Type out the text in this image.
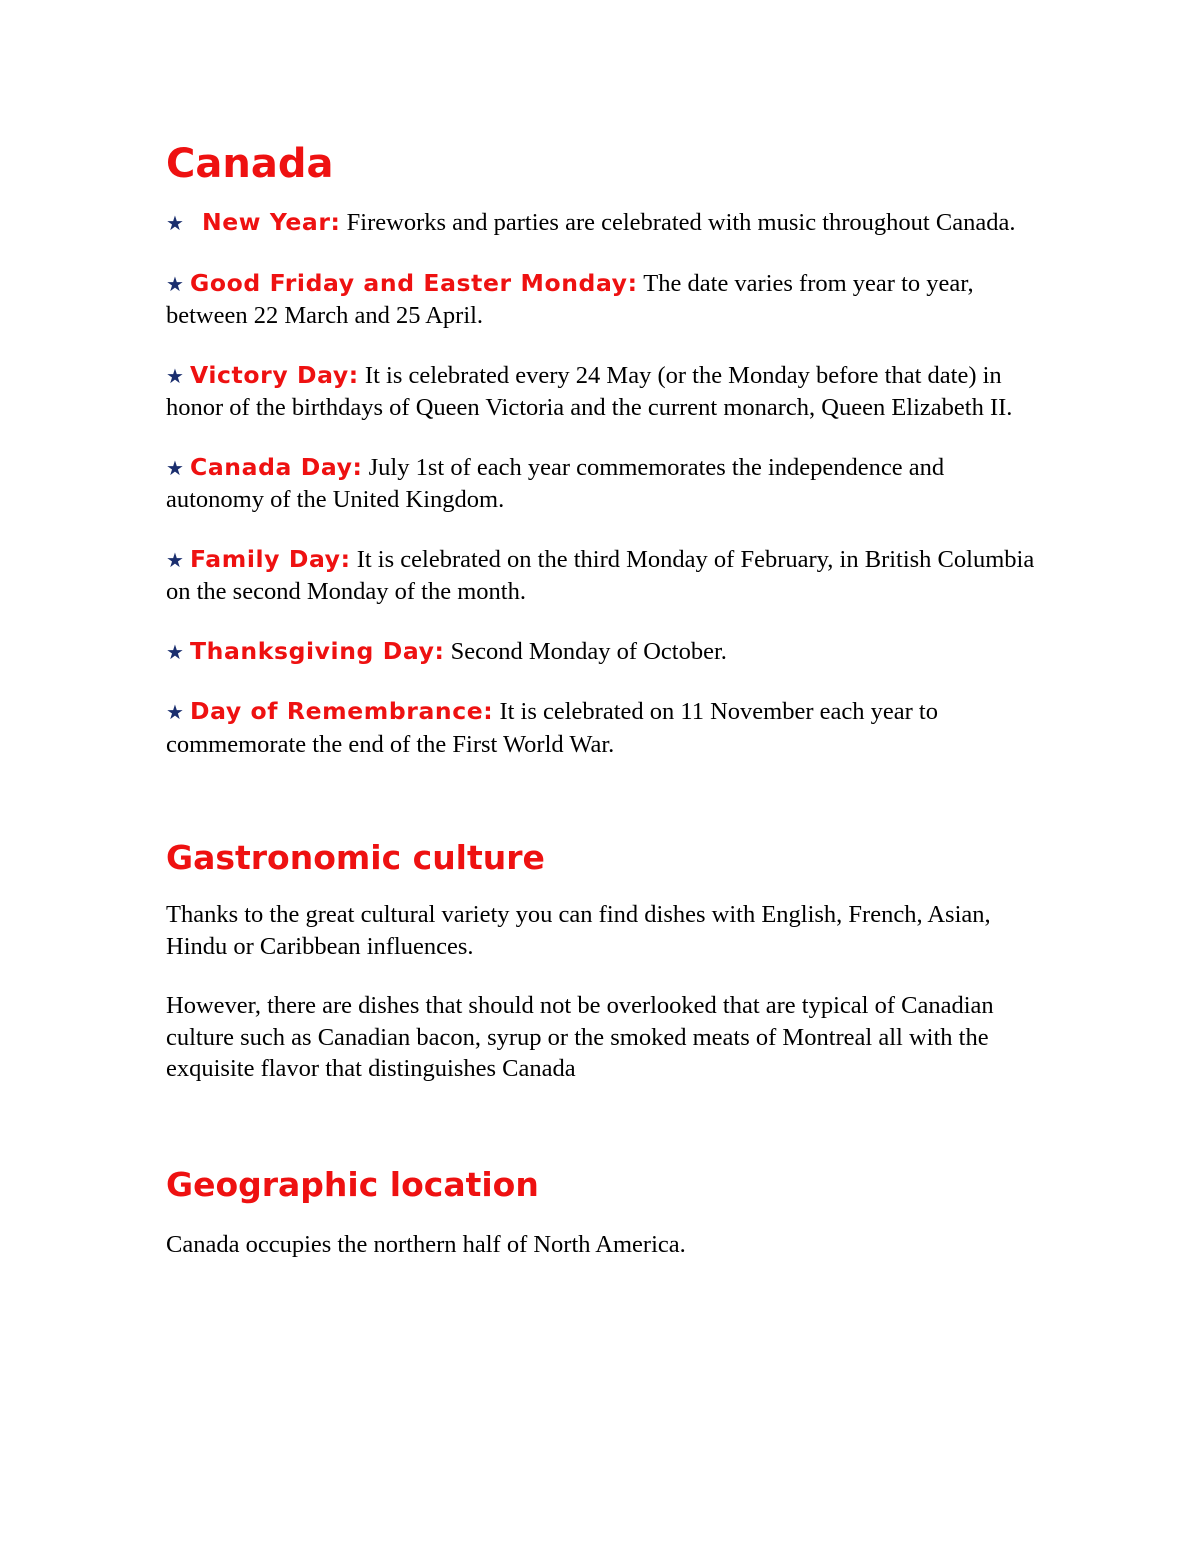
Canada

★ New Year: Fireworks and parties are celebrated with music throughout Canada.

★ Good Friday and Easter Monday: The date varies from year to year, between 22 March and 25 April.

★ Victory Day: It is celebrated every 24 May (or the Monday before that date) in honor of the birthdays of Queen Victoria and the current monarch, Queen Elizabeth II.

★ Canada Day: July 1st of each year commemorates the independence and autonomy of the United Kingdom.

★ Family Day: It is celebrated on the third Monday of February, in British Columbia on the second Monday of the month.

★ Thanksgiving Day: Second Monday of October.

★ Day of Remembrance: It is celebrated on 11 November each year to commemorate the end of the First World War.

Gastronomic culture

Thanks to the great cultural variety you can find dishes with English, French, Asian, Hindu or Caribbean influences.

However, there are dishes that should not be overlooked that are typical of Canadian culture such as Canadian bacon, syrup or the smoked meats of Montreal all with the exquisite flavor that distinguishes Canada

Geographic location

Canada occupies the northern half of North America.
